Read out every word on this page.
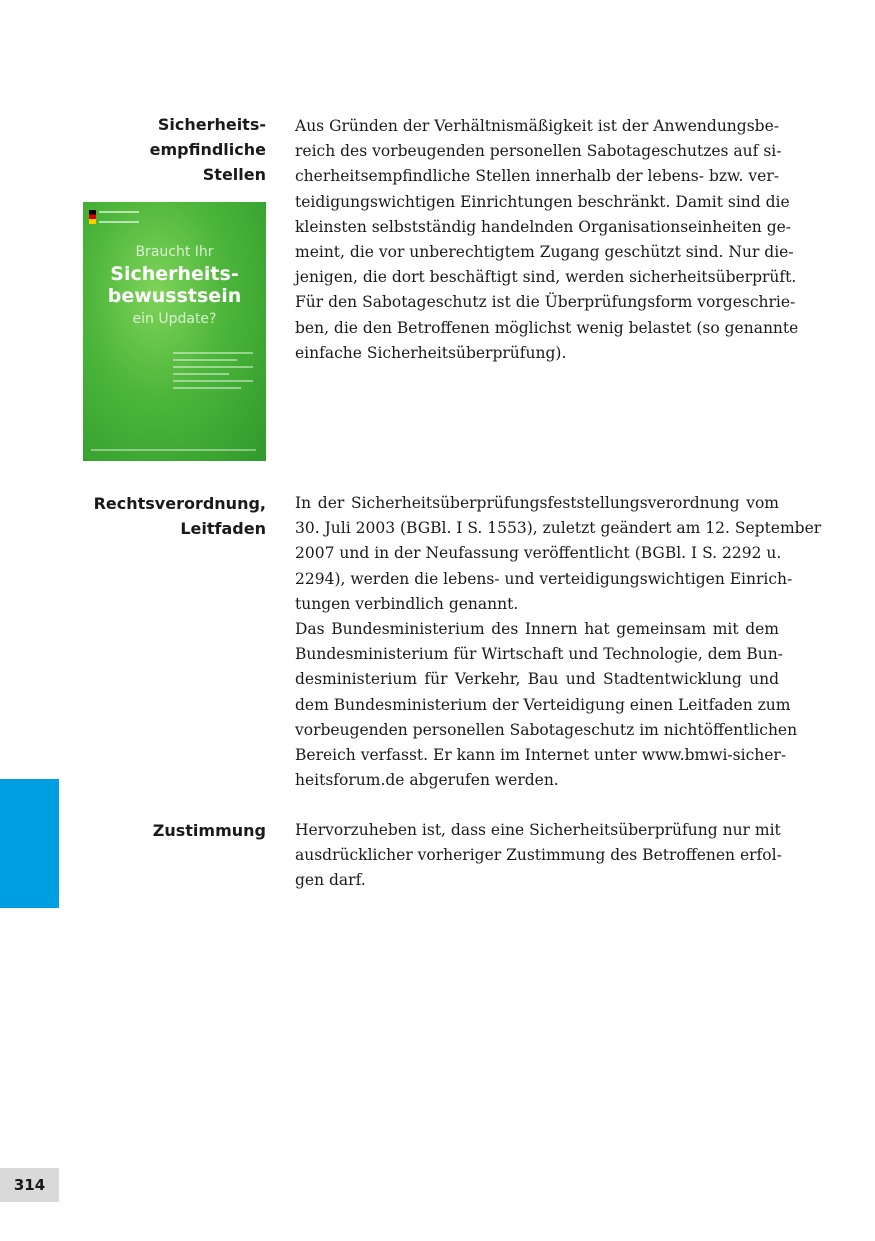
Sicherheits-
empfindliche
Stellen
Aus Gründen der Verhältnismäßigkeit ist der Anwendungsbe-
reich des vorbeugenden personellen Sabotageschutzes auf si-
cherheitsempfindliche Stellen innerhalb der lebens- bzw. ver-
teidigungswichtigen Einrichtungen beschränkt. Damit sind die
kleinsten selbstständig handelnden Organisationseinheiten ge-
meint, die vor unberechtigtem Zugang geschützt sind. Nur die-
jenigen, die dort beschäftigt sind, werden sicherheitsüberprüft.
Für den Sabotageschutz ist die Überprüfungsform vorgeschrie-
ben, die den Betroffenen möglichst wenig belastet (so genannte
einfache Sicherheitsüberprüfung).
Braucht Ihr
Sicherheits-
bewusstsein
ein Update?
Rechtsverordnung,
Leitfaden
In der Sicherheitsüberprüfungsfeststellungsverordnung vom
30. Juli 2003 (BGBl. I S. 1553), zuletzt geändert am 12. September
2007 und in der Neufassung veröffentlicht (BGBl. I S. 2292 u.
2294), werden die lebens- und verteidigungswichtigen Einrich-
tungen verbindlich genannt.
Das Bundesministerium des Innern hat gemeinsam mit dem
Bundesministerium für Wirtschaft und Technologie, dem Bun-
desministerium für Verkehr, Bau und Stadtentwicklung und
dem Bundesministerium der Verteidigung einen Leitfaden zum
vorbeugenden personellen Sabotageschutz im nichtöffentlichen
Bereich verfasst. Er kann im Internet unter www.bmwi-sicher-
heitsforum.de abgerufen werden.
Zustimmung Hervorzuheben ist, dass eine Sicherheitsüberprüfung nur mit
ausdrücklicher vorheriger Zustimmung des Betroffenen erfol-
gen darf.
314
